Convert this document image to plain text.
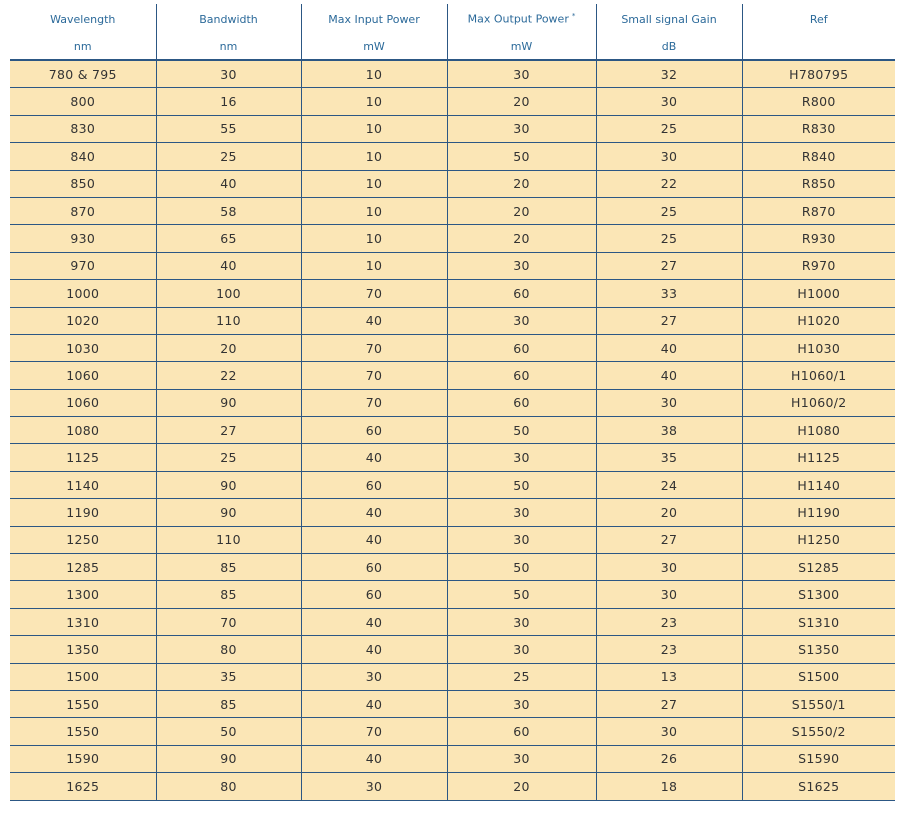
Wavelength	Bandwidth	Max Input Power	Max Output Power *	Small signal Gain	Ref
nm	nm	mW	mW	dB	
780 & 795	30	10	30	32	H780795
800	16	10	20	30	R800
830	55	10	30	25	R830
840	25	10	50	30	R840
850	40	10	20	22	R850
870	58	10	20	25	R870
930	65	10	20	25	R930
970	40	10	30	27	R970
1000	100	70	60	33	H1000
1020	110	40	30	27	H1020
1030	20	70	60	40	H1030
1060	22	70	60	40	H1060/1
1060	90	70	60	30	H1060/2
1080	27	60	50	38	H1080
1125	25	40	30	35	H1125
1140	90	60	50	24	H1140
1190	90	40	30	20	H1190
1250	110	40	30	27	H1250
1285	85	60	50	30	S1285
1300	85	60	50	30	S1300
1310	70	40	30	23	S1310
1350	80	40	30	23	S1350
1500	35	30	25	13	S1500
1550	85	40	30	27	S1550/1
1550	50	70	60	30	S1550/2
1590	90	40	30	26	S1590
1625	80	30	20	18	S1625
